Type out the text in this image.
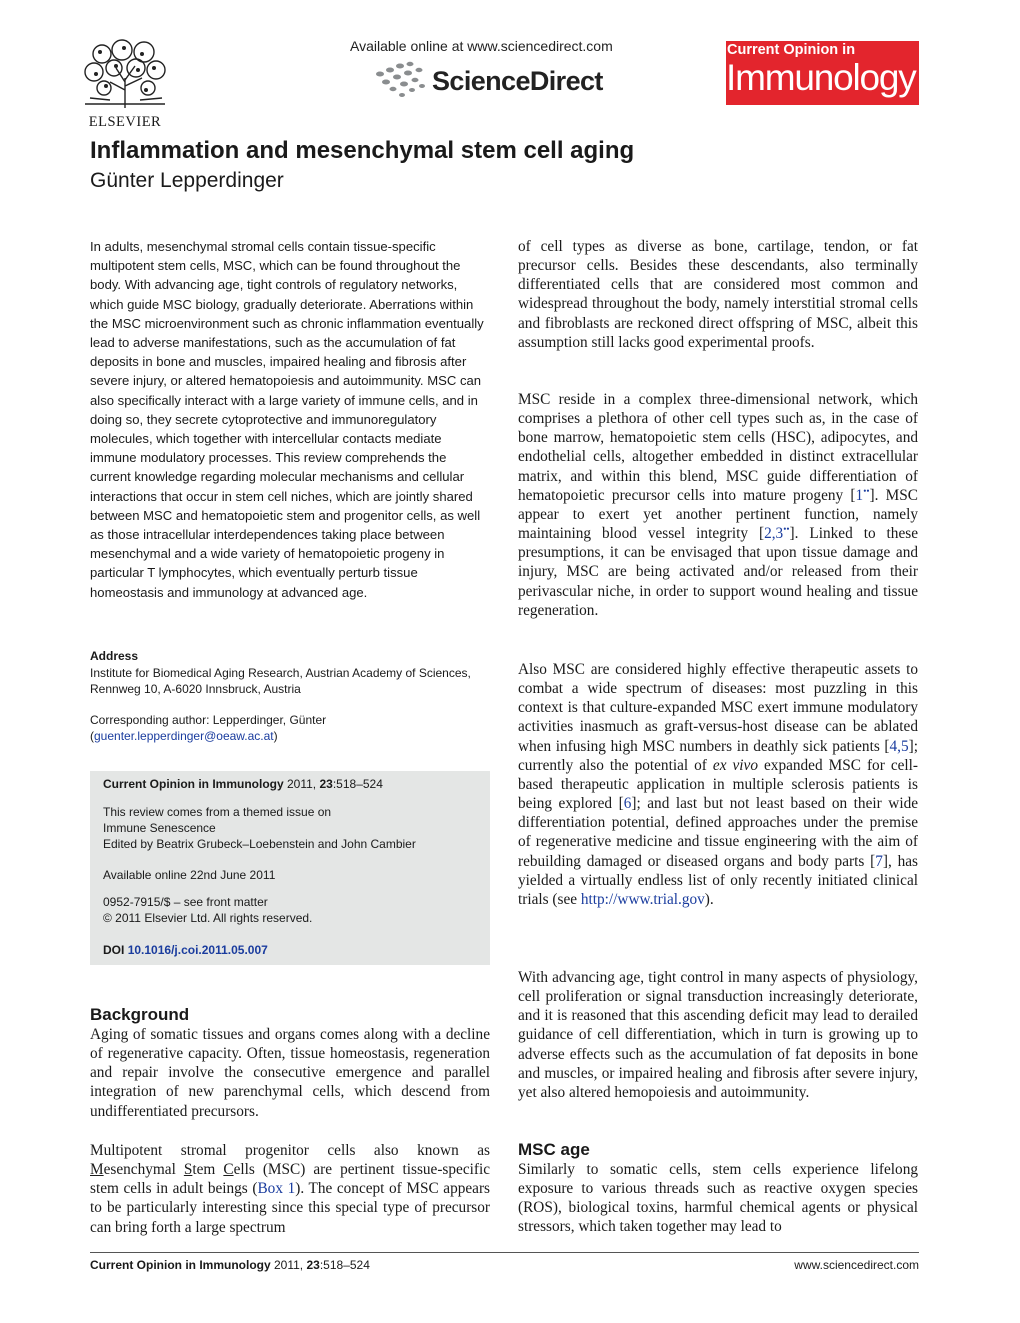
ELSEVIER
Available online at www.sciencedirect.com
ScienceDirect
Current Opinion in
Immunology
Inflammation and mesenchymal stem cell aging
Günter Lepperdinger

In adults, mesenchymal stromal cells contain tissue-specific multipotent stem cells, MSC, which can be found throughout the body. With advancing age, tight controls of regulatory networks, which guide MSC biology, gradually deteriorate. Aberrations within the MSC microenvironment such as chronic inflammation eventually lead to adverse manifestations, such as the accumulation of fat deposits in bone and muscles, impaired healing and fibrosis after severe injury, or altered hematopoiesis and autoimmunity. MSC can also specifically interact with a large variety of immune cells, and in doing so, they secrete cytoprotective and immunoregulatory molecules, which together with intercellular contacts mediate immune modulatory processes. This review comprehends the current knowledge regarding molecular mechanisms and cellular interactions that occur in stem cell niches, which are jointly shared between MSC and hematopoietic stem and progenitor cells, as well as those intracellular interdependences taking place between mesenchymal and a wide variety of hematopoietic progeny in particular T lymphocytes, which eventually perturb tissue homeostasis and immunology at advanced age.

Address
Institute for Biomedical Aging Research, Austrian Academy of Sciences,
Rennweg 10, A-6020 Innsbruck, Austria
Corresponding author: Lepperdinger, Günter
(guenter.lepperdinger@oeaw.ac.at)
Current Opinion in Immunology 2011, 23:518–524
This review comes from a themed issue on
Immune Senescence
Edited by Beatrix Grubeck–Loebenstein and John Cambier
Available online 22nd June 2011
0952-7915/$ – see front matter
© 2011 Elsevier Ltd. All rights reserved.
DOI 10.1016/j.coi.2011.05.007
Background

Aging of somatic tissues and organs comes along with a decline of regenerative capacity. Often, tissue homeostasis, regeneration and repair involve the consecutive emergence and parallel integration of new parenchymal cells, which descend from undifferentiated precursors.

Multipotent stromal progenitor cells also known as Mesenchymal Stem Cells (MSC) are pertinent tissue-specific stem cells in adult beings (Box 1). The concept of MSC appears to be particularly interesting since this special type of precursor can bring forth a large spectrum

of cell types as diverse as bone, cartilage, tendon, or fat precursor cells. Besides these descendants, also terminally differentiated cells that are considered most common and widespread throughout the body, namely interstitial stromal cells and fibroblasts are reckoned direct offspring of MSC, albeit this assumption still lacks good experimental proofs.

MSC reside in a complex three-dimensional network, which comprises a plethora of other cell types such as, in the case of bone marrow, hematopoietic stem cells (HSC), adipocytes, and endothelial cells, altogether embedded in distinct extracellular matrix, and within this blend, MSC guide differentiation of hematopoietic precursor cells into mature progeny [1••]. MSC appear to exert yet another pertinent function, namely maintaining blood vessel integrity [2,3••]. Linked to these presumptions, it can be envisaged that upon tissue damage and injury, MSC are being activated and/or released from their perivascular niche, in order to support wound healing and tissue regeneration.

Also MSC are considered highly effective therapeutic assets to combat a wide spectrum of diseases: most puzzling in this context is that culture-expanded MSC exert immune modulatory activities inasmuch as graft-versus-host disease can be ablated when infusing high MSC numbers in deathly sick patients [4,5]; currently also the potential of ex vivo expanded MSC for cell-based therapeutic application in multiple sclerosis patients is being explored [6]; and last but not least based on their wide differentiation potential, defined approaches under the premise of regenerative medicine and tissue engineering with the aim of rebuilding damaged or diseased organs and body parts [7], has yielded a virtually endless list of only recently initiated clinical trials (see http://www.trial.gov).

With advancing age, tight control in many aspects of physiology, cell proliferation or signal transduction increasingly deteriorate, and it is reasoned that this ascending deficit may lead to derailed guidance of cell differentiation, which in turn is growing up to adverse effects such as the accumulation of fat deposits in bone and muscles, or impaired healing and fibrosis after severe injury, yet also altered hemopoiesis and autoimmunity.

MSC age

Similarly to somatic cells, stem cells experience lifelong exposure to various threads such as reactive oxygen species (ROS), biological toxins, harmful chemical agents or physical stressors, which taken together may lead to

Current Opinion in Immunology 2011, 23:518–524	www.sciencedirect.com
